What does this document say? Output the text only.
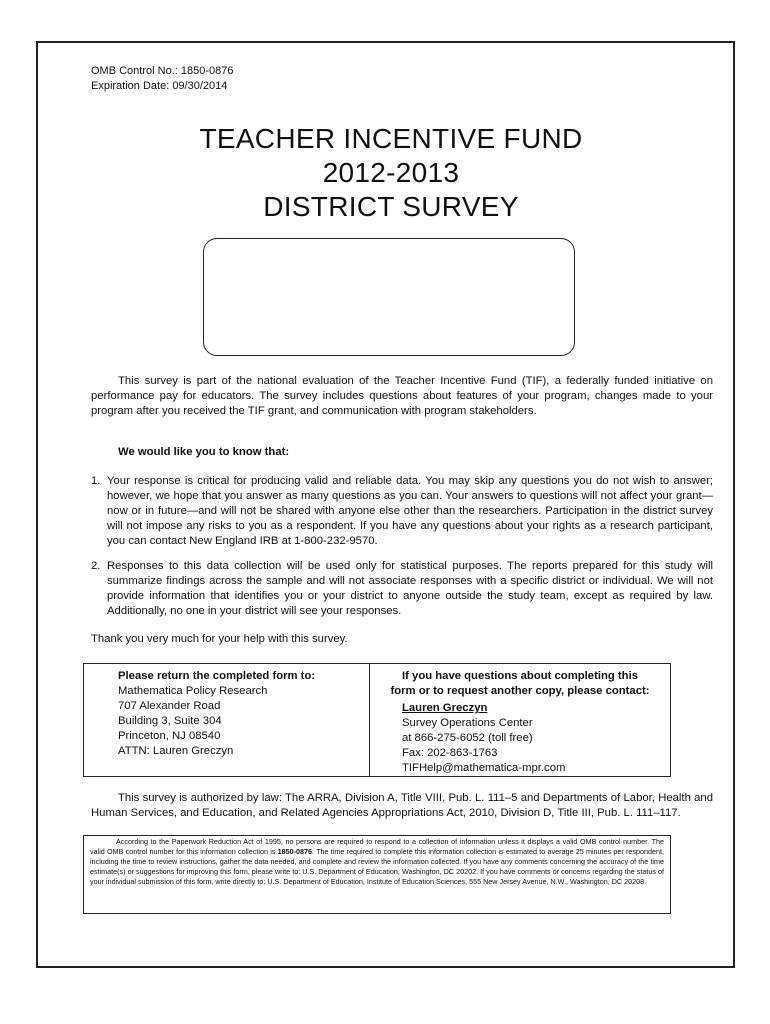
OMB Control No.: 1850-0876
Expiration Date: 09/30/2014
TEACHER INCENTIVE FUND
2012-2013
DISTRICT SURVEY
This survey is part of the national evaluation of the Teacher Incentive Fund (TIF), a federally funded initiative on performance pay for educators. The survey includes questions about features of your program, changes made to your program after you received the TIF grant, and communication with program stakeholders.
We would like you to know that:
1. Your response is critical for producing valid and reliable data. You may skip any questions you do not wish to answer; however, we hope that you answer as many questions as you can. Your answers to questions will not affect your grant—now or in future—and will not be shared with anyone else other than the researchers. Participation in the district survey will not impose any risks to you as a respondent. If you have any questions about your rights as a research participant, you can contact New England IRB at 1-800-232-9570.
2. Responses to this data collection will be used only for statistical purposes. The reports prepared for this study will summarize findings across the sample and will not associate responses with a specific district or individual. We will not provide information that identifies you or your district to anyone outside the study team, except as required by law. Additionally, no one in your district will see your responses.
Thank you very much for your help with this survey.
Please return the completed form to:
Mathematica Policy Research
707 Alexander Road
Building 3, Suite 304
Princeton, NJ 08540
ATTN: Lauren Greczyn
If you have questions about completing this
form or to request another copy, please contact:
Lauren Greczyn
Survey Operations Center
at 866-275-6052 (toll free)
Fax: 202-863-1763
TIFHelp@mathematica-mpr.com
This survey is authorized by law: The ARRA, Division A, Title VIII, Pub. L. 111–5 and Departments of Labor, Health and Human Services, and Education, and Related Agencies Appropriations Act, 2010, Division D, Title III, Pub. L. 111–117.
According to the Paperwork Reduction Act of 1995, no persons are required to respond to a collection of information unless it displays a valid OMB control number. The valid OMB control number for this information collection is 1850-0876. The time required to complete this information collection is estimated to average 25 minutes per respondent, including the time to review instructions, gather the data needed, and complete and review the information collected. If you have any comments concerning the accuracy of the time estimate(s) or suggestions for improving this form, please write to: U.S. Department of Education, Washington, DC 20202. If you have comments or concerns regarding the status of your individual submission of this form, write directly to: U.S. Department of Education, Institute of Education Sciences, 555 New Jersey Avenue, N.W., Washington, DC 20208.
